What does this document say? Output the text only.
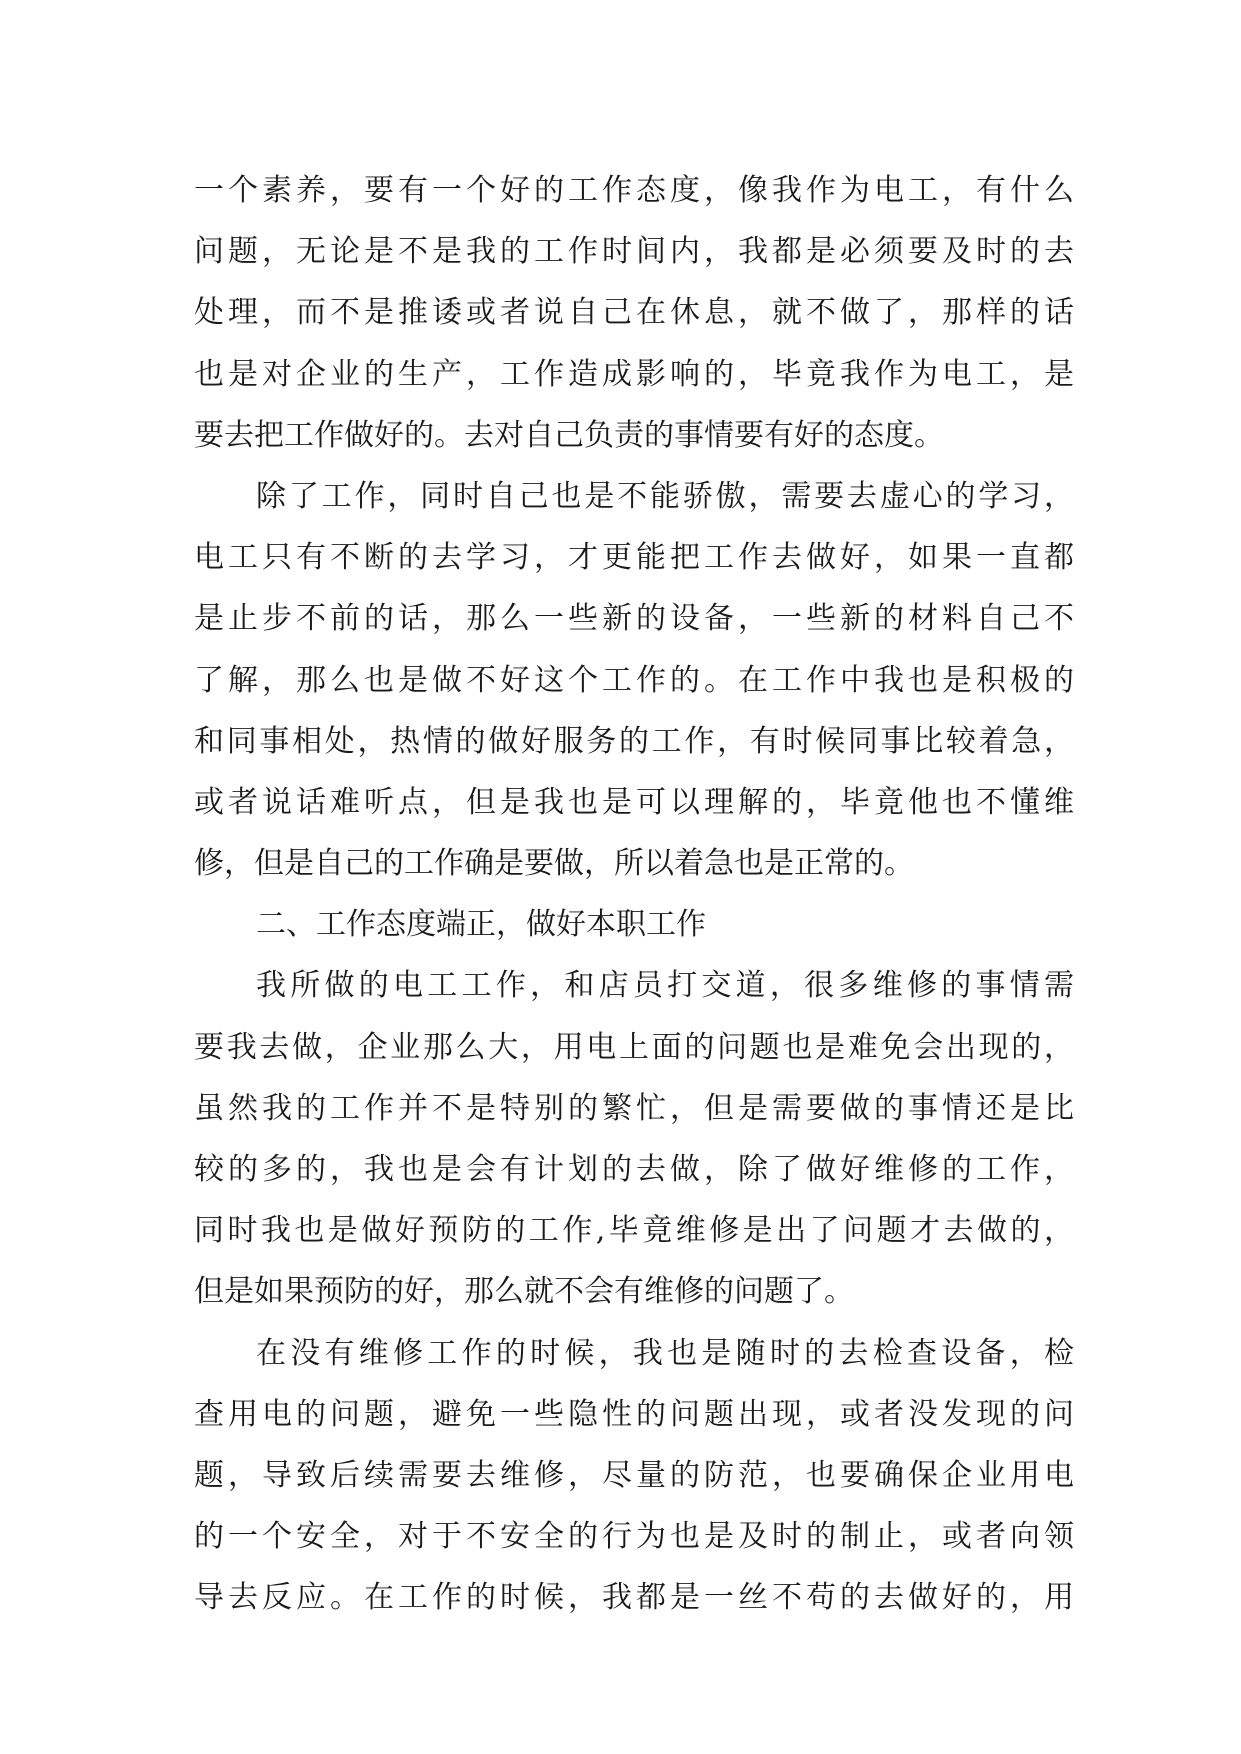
一个素养，要有一个好的工作态度，像我作为电工，有什么
问题，无论是不是我的工作时间内，我都是必须要及时的去
处理，而不是推诿或者说自己在休息，就不做了，那样的话
也是对企业的生产，工作造成影响的，毕竟我作为电工，是
要去把工作做好的。去对自己负责的事情要有好的态度。
除了工作，同时自己也是不能骄傲，需要去虚心的学习，
电工只有不断的去学习，才更能把工作去做好，如果一直都
是止步不前的话，那么一些新的设备，一些新的材料自己不
了解，那么也是做不好这个工作的。在工作中我也是积极的
和同事相处，热情的做好服务的工作，有时候同事比较着急，
或者说话难听点，但是我也是可以理解的，毕竟他也不懂维
修，但是自己的工作确是要做，所以着急也是正常的。
二、工作态度端正，做好本职工作
我所做的电工工作，和店员打交道，很多维修的事情需
要我去做，企业那么大，用电上面的问题也是难免会出现的，
虽然我的工作并不是特别的繁忙，但是需要做的事情还是比
较的多的，我也是会有计划的去做，除了做好维修的工作，
同时我也是做好预防的工作,毕竟维修是出了问题才去做的，
但是如果预防的好，那么就不会有维修的问题了。
在没有维修工作的时候，我也是随时的去检查设备，检
查用电的问题，避免一些隐性的问题出现，或者没发现的问
题，导致后续需要去维修，尽量的防范，也要确保企业用电
的一个安全，对于不安全的行为也是及时的制止，或者向领
导去反应。在工作的时候，我都是一丝不苟的去做好的，用
